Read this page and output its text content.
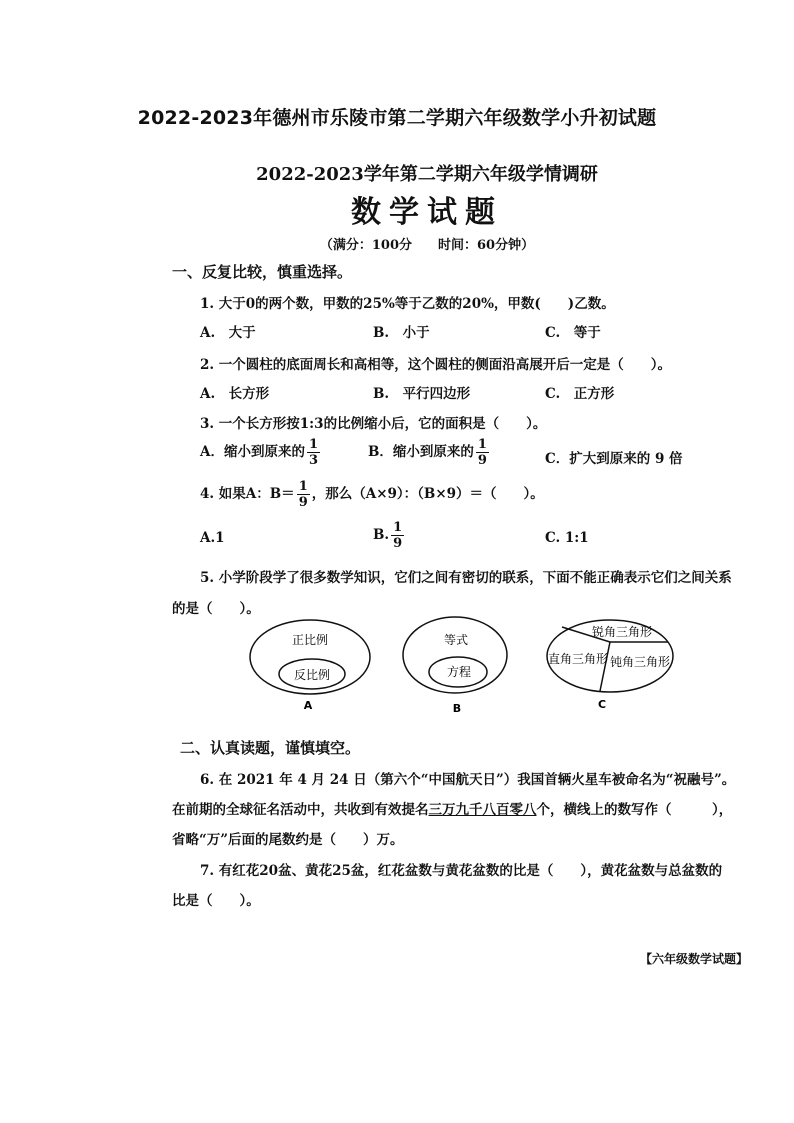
2022-2023年德州市乐陵市第二学期六年级数学小升初试题
2022-2023学年第二学期六年级学情调研
数学试题
（满分：100分　　时间：60分钟）
一、反复比较，慎重选择。
1. 大于0的两个数，甲数的25%等于乙数的20%，甲数(　　)乙数。
A.　大于	B.　小于	C.　等于
2. 一个圆柱的底面周长和高相等，这个圆柱的侧面沿高展开后一定是（　　）。
A.　长方形	B.　平行四边形	C.　正方形
3. 一个长方形按1:3的比例缩小后，它的面积是（　　）。
A．缩小到原来的 $\frac{1}{3}$	B．缩小到原来的 $\frac{1}{9}$	C．扩大到原来的 9 倍
4. 如果A：$B= \frac{1}{9}$ ，那么（A×9）：（B×9）＝（　　）。
A.1	B. $\frac{1}{9}$	C. 1:1
5. 小学阶段学了很多数学知识，它们之间有密切的联系，下面不能正确表示它们之间关系
的是（　　）。
正比例
反比例
A
等式
方程
B
锐角三角形
直角三角形 钝角三角形
C
二、认真读题，谨慎填空。
6. 在 2021 年 4 月 24 日（第六个“中国航天日”）我国首辆火星车被命名为“祝融号”。
在前期的全球征名活动中，共收到有效提名三万九千八百零八个，横线上的数写作（　　　），
省略“万”后面的尾数约是（　　）万。
7. 有红花20盆、黄花25盆，红花盆数与黄花盆数的比是（　　），黄花盆数与总盆数的
比是（　　）。
【六年级数学试题】
